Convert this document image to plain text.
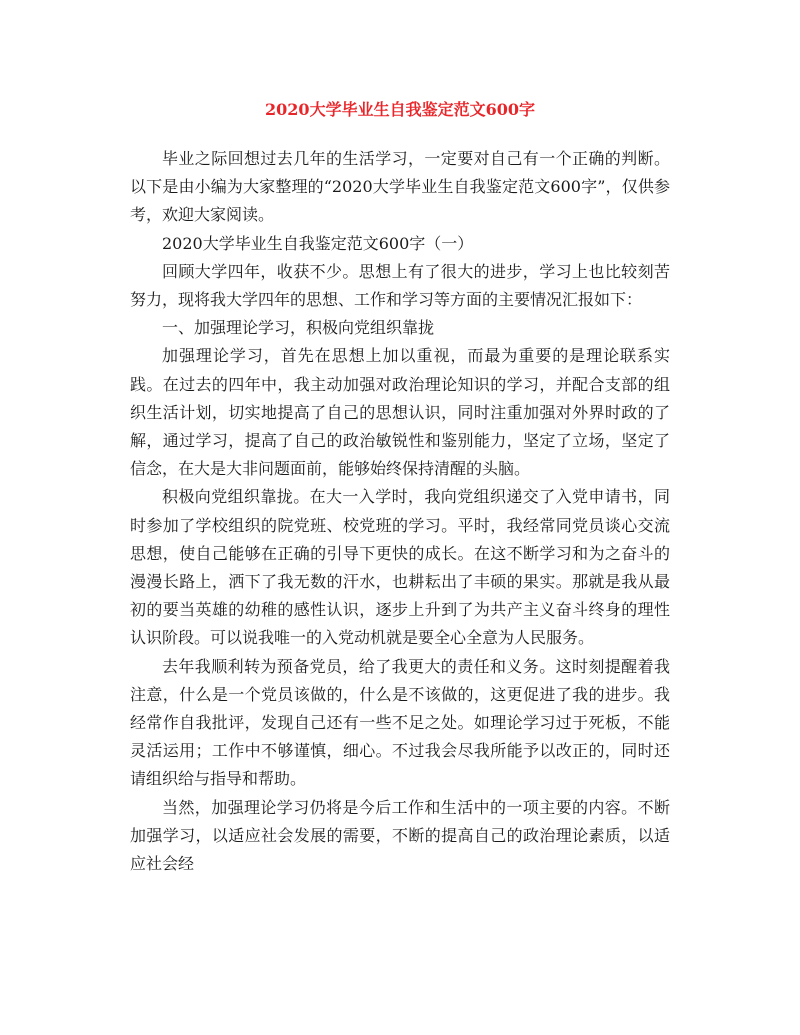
2020大学毕业生自我鉴定范文600字

毕业之际回想过去几年的生活学习，一定要对自己有一个正确的判断。以下是由小编为大家整理的“2020大学毕业生自我鉴定范文600字”，仅供参考，欢迎大家阅读。

2020大学毕业生自我鉴定范文600字（一）

回顾大学四年，收获不少。思想上有了很大的进步，学习上也比较刻苦努力，现将我大学四年的思想、工作和学习等方面的主要情况汇报如下：

一、加强理论学习，积极向党组织靠拢

加强理论学习，首先在思想上加以重视，而最为重要的是理论联系实践。在过去的四年中，我主动加强对政治理论知识的学习，并配合支部的组织生活计划，切实地提高了自己的思想认识，同时注重加强对外界时政的了解，通过学习，提高了自己的政治敏锐性和鉴别能力，坚定了立场，坚定了信念，在大是大非问题面前，能够始终保持清醒的头脑。

积极向党组织靠拢。在大一入学时，我向党组织递交了入党申请书，同时参加了学校组织的院党班、校党班的学习。平时，我经常同党员谈心交流思想，使自己能够在正确的引导下更快的成长。在这不断学习和为之奋斗的漫漫长路上，洒下了我无数的汗水，也耕耘出了丰硕的果实。那就是我从最初的要当英雄的幼稚的感性认识，逐步上升到了为共产主义奋斗终身的理性认识阶段。可以说我唯一的入党动机就是要全心全意为人民服务。

去年我顺利转为预备党员，给了我更大的责任和义务。这时刻提醒着我注意，什么是一个党员该做的，什么是不该做的，这更促进了我的进步。我经常作自我批评，发现自己还有一些不足之处。如理论学习过于死板，不能灵活运用；工作中不够谨慎，细心。不过我会尽我所能予以改正的，同时还请组织给与指导和帮助。

当然，加强理论学习仍将是今后工作和生活中的一项主要的内容。不断加强学习，以适应社会发展的需要，不断的提高自己的政治理论素质，以适应社会经
